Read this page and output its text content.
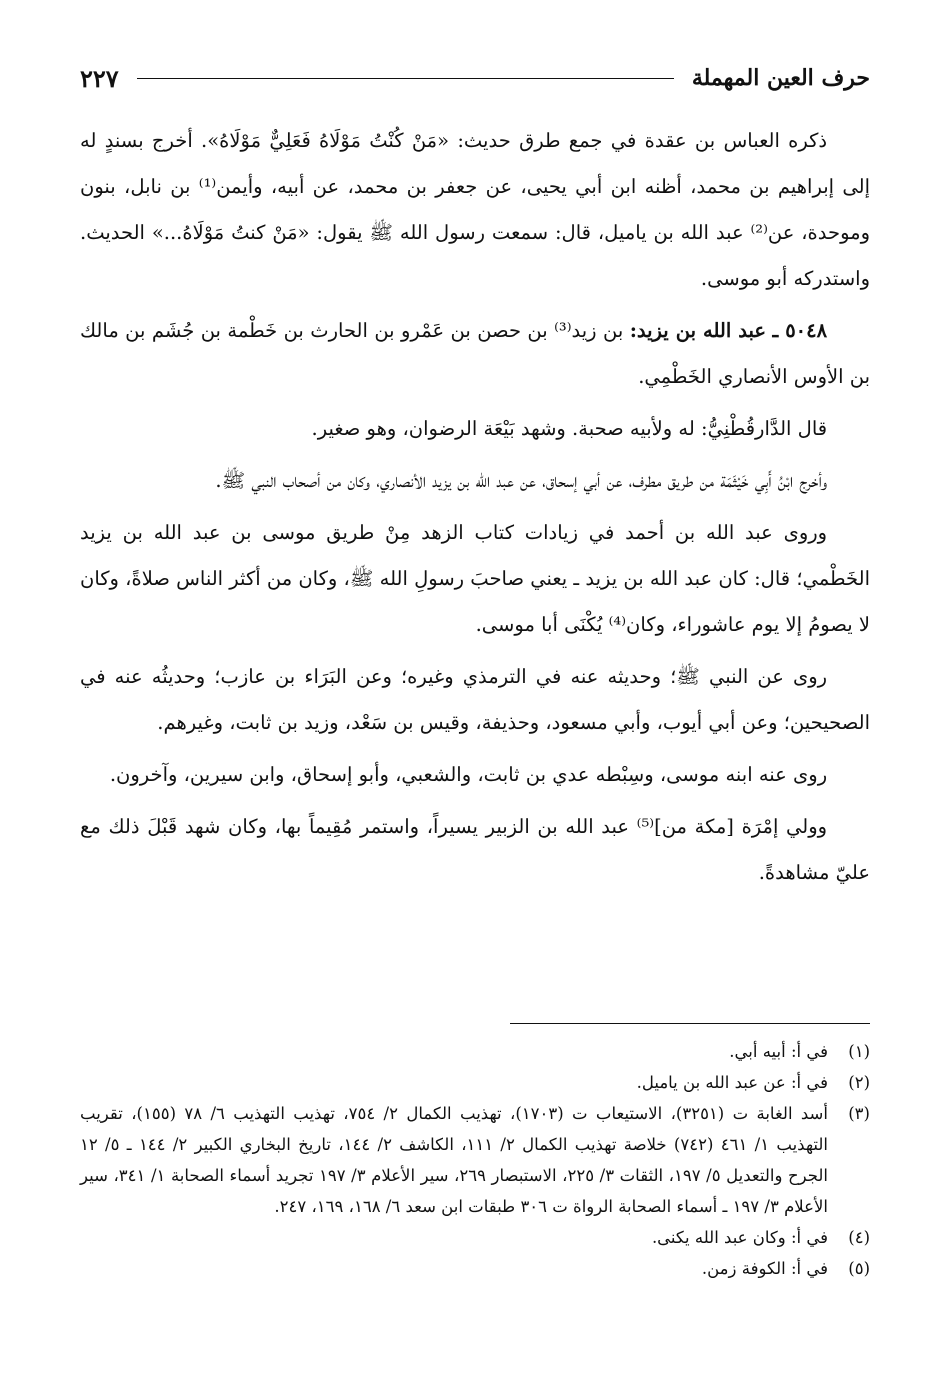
حرف العين المهملة
٢٢٧

ذكره العباس بن عقدة في جمع طرق حديث: «مَنْ كُنْتُ مَوْلَاهُ فَعَلِيٌّ مَوْلَاهُ». أخرج بسندٍ له إلى إبراهيم بن محمد، أظنه ابن أبي يحيى، عن جعفر بن محمد، عن أبيه، وأيمن⁽¹⁾ بن نابل، بنون وموحدة، عن⁽²⁾ عبد الله بن ياميل، قال: سمعت رسول الله ﷺ يقول: «مَنْ كنتُ مَوْلَاهُ...» الحديث. واستدركه أبو موسى.

٥٠٤٨ ـ عبد الله بن يزيد: بن زيد⁽³⁾ بن حصن بن عَمْرو بن الحارث بن خَطْمة بن جُشَم بن مالك بن الأوس الأنصاري الخَطْمِي.

قال الدَّارقُطْنِيُّ: له ولأبيه صحبة. وشهد بَيْعَة الرضوان، وهو صغير.

وأخرج ابْنُ أَبِي خَيْثَمَة من طريق مطرف، عن أبي إسحاق، عن عبد الله بن يزيد الأنصاري، وكان من أصحاب النبي ﷺ.

وروى عبد الله بن أحمد في زيادات كتاب الزهد مِنْ طريق موسى بن عبد الله بن يزيد الخَطْمي؛ قال: كان عبد الله بن يزيد ـ يعني صاحبَ رسولِ الله ﷺ، وكان من أكثر الناس صلاةً، وكان لا يصومُ إلا يوم عاشوراء، وكان⁽⁴⁾ يُكْنَى أبا موسى.

روى عن النبي ﷺ؛ وحديثه عنه في الترمذي وغيره؛ وعن البَرَاء بن عازب؛ وحديثُه عنه في الصحيحين؛ وعن أبي أيوب، وأبي مسعود، وحذيفة، وقيس بن سَعْد، وزيد بن ثابت، وغيرهم.

روى عنه ابنه موسى، وسِبْطه عدي بن ثابت، والشعبي، وأبو إسحاق، وابن سيرين، وآخرون.

وولي إمْرَة [مكة من]⁽⁵⁾ عبد الله بن الزبير يسيراً، واستمر مُقِيماً بها، وكان شهد قَبْلَ ذلك مع عليّ مشاهدةً.

(١)في أ: أبيه أبي.

(٢)في أ: عن عبد الله بن ياميل.

(٣)أسد الغابة ت (٣٢٥١)، الاستيعاب ت (١٧٠٣)، تهذيب الكمال ٢/ ٧٥٤، تهذيب التهذيب ٦/ ٧٨ (١٥٥)، تقريب التهذيب ١/ ٤٦١ (٧٤٢) خلاصة تهذيب الكمال ٢/ ١١١، الكاشف ٢/ ١٤٤، تاريخ البخاري الكبير ٢/ ١٤٤ ـ ٥/ ١٢ الجرح والتعديل ٥/ ١٩٧، الثقات ٣/ ٢٢٥، الاستبصار ٢٦٩، سير الأعلام ٣/ ١٩٧ تجريد أسماء الصحابة ١/ ٣٤١، سير الأعلام ٣/ ١٩٧ ـ أسماء الصحابة الرواة ت ٣٠٦ طبقات ابن سعد ٦/ ١٦٨، ١٦٩، ٢٤٧.

(٤)في أ: وكان عبد الله يكنى.

(٥)في أ: الكوفة زمن.
